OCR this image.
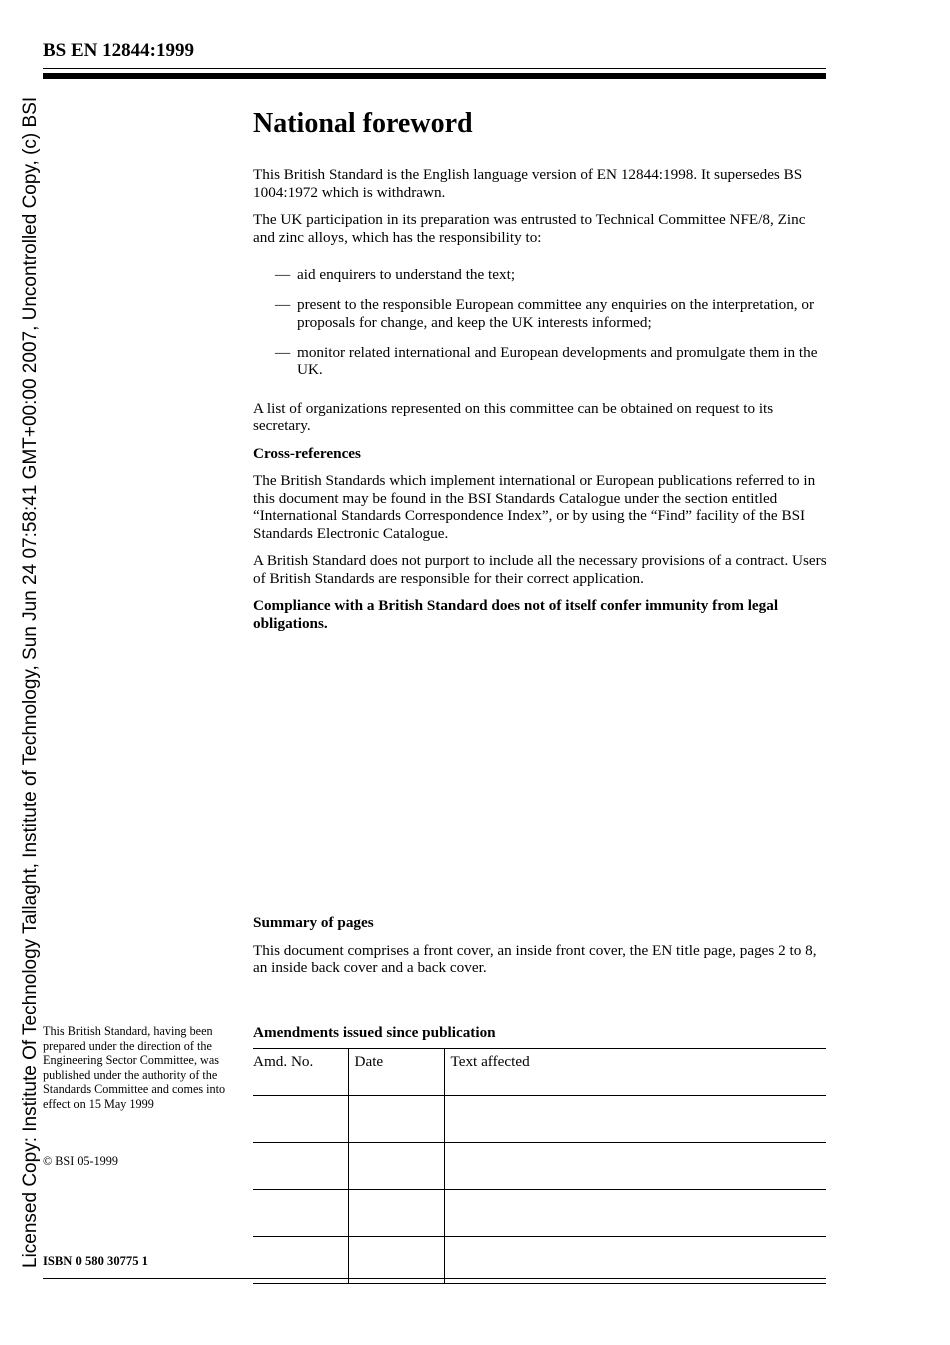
BS EN 12844:1999
Licensed Copy: Institute Of Technology Tallaght, Institute of Technology, Sun Jun 24 07:58:41 GMT+00:00 2007, Uncontrolled Copy, (c) BSI	National foreword

This British Standard is the English language version of EN 12844:1998. It supersedes BS 1004:1972 which is withdrawn.

The UK participation in its preparation was entrusted to Technical Committee NFE/8, Zinc and zinc alloys, which has the responsibility to:

— aid enquirers to understand the text;
— present to the responsible European committee any enquiries on the interpretation, or proposals for change, and keep the UK interests informed;
— monitor related international and European developments and promulgate them in the UK.

A list of organizations represented on this committee can be obtained on request to its secretary.

Cross-references

The British Standards which implement international or European publications referred to in this document may be found in the BSI Standards Catalogue under the section entitled “International Standards Correspondence Index”, or by using the “Find” facility of the BSI Standards Electronic Catalogue.

A British Standard does not purport to include all the necessary provisions of a contract. Users of British Standards are responsible for their correct application.

Compliance with a British Standard does not of itself confer immunity from legal obligations.

Summary of pages

This document comprises a front cover, an inside front cover, the EN title page, pages 2 to 8, an inside back cover and a back cover.

This British Standard, having been prepared under the direction of the Engineering Sector Committee, was published under the authority of the Standards Committee and comes into effect on 15 May 1999
© BSI 05-1999
ISBN 0 580 30775 1
Amendments issued since publication
Amd. No.	Date	Text affected
